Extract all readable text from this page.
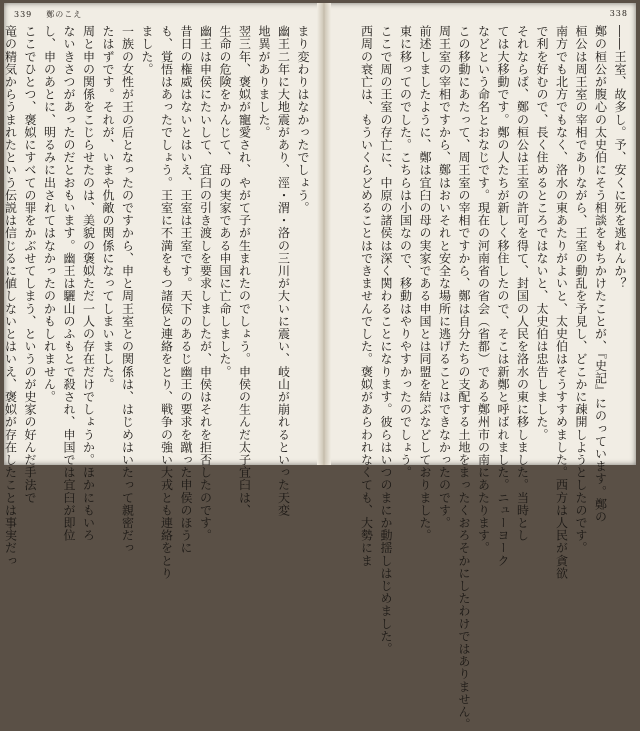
339 鄭のこえ
まり変わりはなかったでしょう。
幽王二年に大地震があり、涇・渭・洛の三川が大いに震い、岐山が崩れるといった天変
地異がありました。
翌三年、褒姒が寵愛され、やがて子が生まれたのでしょう。申侯の生んだ太子宜臼は、
生命の危険をかんじて、母の実家である申国に亡命しました。
幽王は申侯にたいして、宜臼の引き渡しを要求しましたが、申侯はそれを拒否したのです。
昔日の権威はないとはいえ、王室は王室です。天下のあるじ幽王の要求を蹴った申侯のほうに
も、覚悟はあったでしょう。王室に不満をもつ諸侯と連絡をとり、戦争の強い大戎とも連絡をとり
ました。
一族の女性が王の后となったのですから、申と周王室との関係は、はじめはいたって親密だっ
たはずです。それが、いまや仇敵の関係になってしまいました。
周と申の関係をこじらせたのは、美貌の褒姒ただ一人の存在だけでしょうか。ほかにもいろ
ないきさつがあったのだとおもいます。幽王は驪山のふもとで殺され、申国では宜臼が即位
し、申のあとに、明るみに出されてはなかったのかもしれません。
ここでひとつ、褒姒にすべての罪をかぶせてしまう、というのが史家の好んだ手法で
竜の精気からうまれたという伝説は信じるに値しないとはいえ、褒姒が存在したことは事実だっ
338
――王室、故多し。予、安くに死を逃れんか？
鄭の桓公が腹心の太史伯にそう相談をもちかけたことが、『史記』にのっています。鄭の
桓公は周王室の宰相でありながら、王室の動乱を予見し、どこかに疎開しようとしたのです。
南方でも北方でもなく、洛水の東あたりがよいと、太史伯はそうすすめました。西方は人民が貪欲
で利を好むので、長く住めるところではないと、太史伯は忠告しました。
それならば、鄭の桓公は王室の許可を得て、封国の人民を洛水の東に移しました。当時とし
ては大移動です。鄭の人たちが新しく移住したので、そこは新鄭と呼ばれました。ニューヨーク
などという命名とおなじです。現在の河南省の省会（省都）である鄭州市の南にあたります。
この移動にあたって、周王室の宰相ですから、鄭は自分たちの支配する土地をまったくおろそかにしたわけではありません。
周王室の宰相ですから、鄭はおいそれと安全な場所に逃げることはできなかったのです。
前述しましたように、鄭は宜臼の母の実家である申国とは同盟を結ぶなどしておりました。
東に移ってのでした。こちらは小国なので、移動はやりやすかったのでしょう。
ここで周の王室の存亡に、中原の諸侯は深く関わることになります。彼らはいつのまにか動揺しはじめました。
西周の衰亡は、もういくらどめることはできませんでした。褒姒があらわれなくても、大勢にま
